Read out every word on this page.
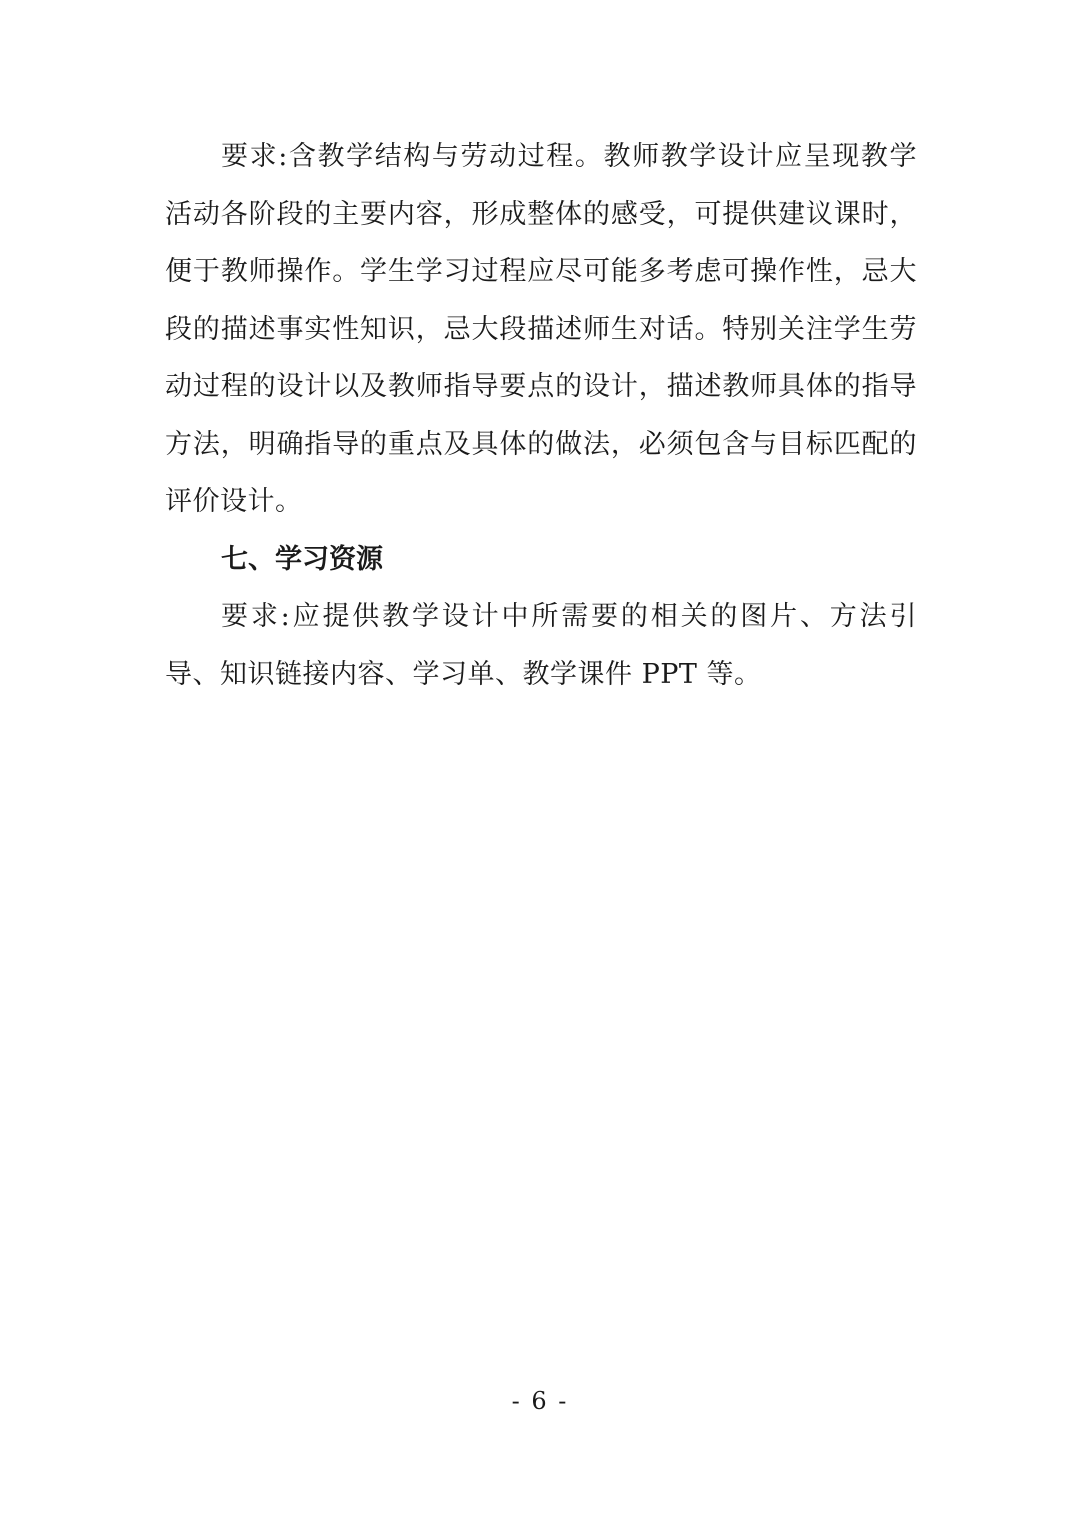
要求:含教学结构与劳动过程。教师教学设计应呈现教学活动各阶段的主要内容，形成整体的感受，可提供建议课时，便于教师操作。学生学习过程应尽可能多考虑可操作性，忌大段的描述事实性知识，忌大段描述师生对话。特别关注学生劳动过程的设计以及教师指导要点的设计，描述教师具体的指导方法，明确指导的重点及具体的做法，必须包含与目标匹配的评价设计。

七、学习资源

要求:应提供教学设计中所需要的相关的图片、方法引导、知识链接内容、学习单、教学课件 PPT 等。

- 6 -
